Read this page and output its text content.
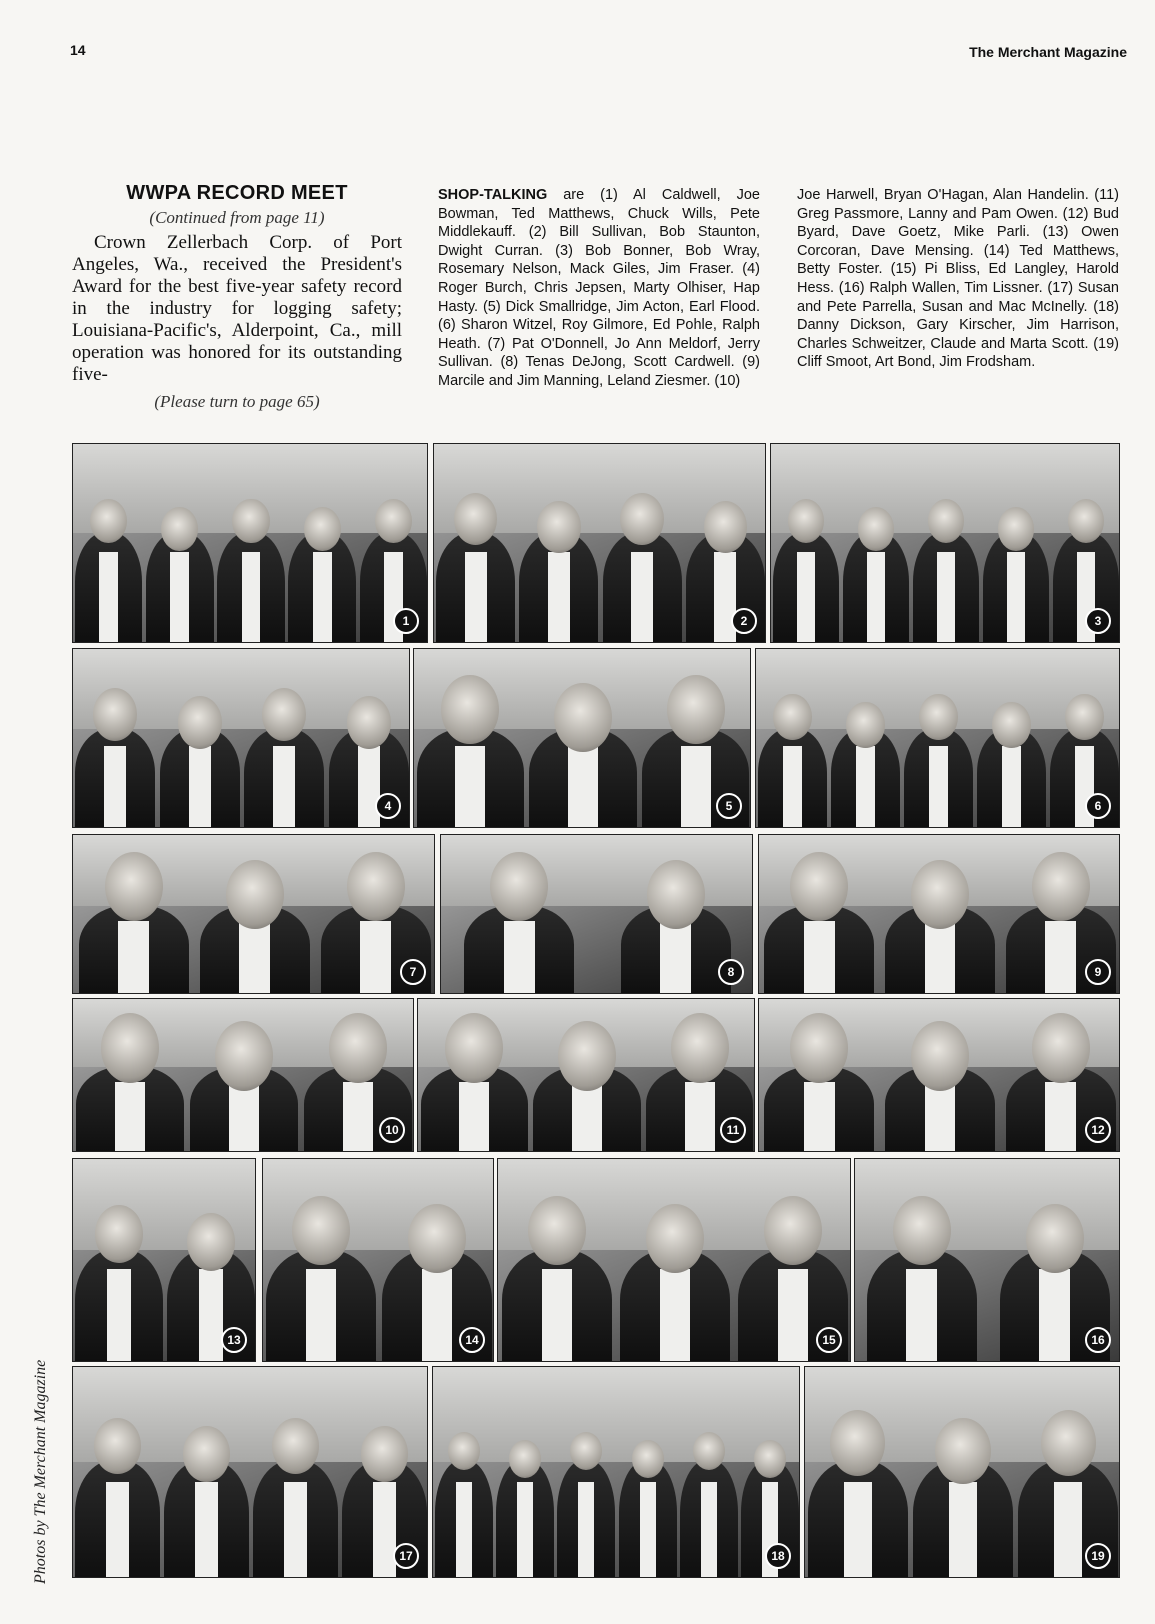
14	The Merchant Magazine
WWPA RECORD MEET
(Continued from page 11)

Crown Zellerbach Corp. of Port Angeles, Wa., received the President's Award for the best five-year safety record in the industry for logging safety; Louisiana-Pacific's, Alderpoint, Ca., mill operation was honored for its outstanding five-

(Please turn to page 65)

SHOP-TALKING are (1) Al Caldwell, Joe Bowman, Ted Matthews, Chuck Wills, Pete Middlekauff. (2) Bill Sullivan, Bob Staunton, Dwight Curran. (3) Bob Bonner, Bob Wray, Rosemary Nelson, Mack Giles, Jim Fraser. (4) Roger Burch, Chris Jepsen, Marty Olhiser, Hap Hasty. (5) Dick Smallridge, Jim Acton, Earl Flood. (6) Sharon Witzel, Roy Gilmore, Ed Pohle, Ralph Heath. (7) Pat O'Donnell, Jo Ann Meldorf, Jerry Sullivan. (8) Tenas DeJong, Scott Cardwell. (9) Marcile and Jim Manning, Leland Ziesmer. (10)

Joe Harwell, Bryan O'Hagan, Alan Handelin. (11) Greg Passmore, Lanny and Pam Owen. (12) Bud Byard, Dave Goetz, Mike Parli. (13) Owen Corcoran, Dave Mensing. (14) Ted Matthews, Betty Foster. (15) Pi Bliss, Ed Langley, Harold Hess. (16) Ralph Wallen, Tim Lissner. (17) Susan and Pete Parrella, Susan and Mac McInelly. (18) Danny Dickson, Gary Kirscher, Jim Harrison, Charles Schweitzer, Claude and Marta Scott. (19) Cliff Smoot, Art Bond, Jim Frodsham.

1	2	3
4	5	6
7	8	9
10	11	12
13	14	15	16
17	18	19
Photos by The Merchant Magazine
